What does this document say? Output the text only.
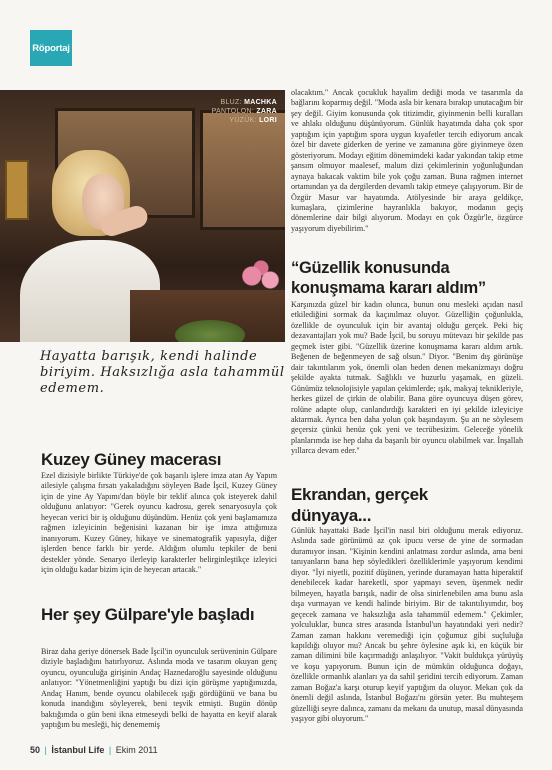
Röportaj
BLUZ: MACHKA
PANTOLON: ZARA
YÜZÜK: LORI
Hayatta barışık, kendi halinde biriyim. Haksızlığa asla tahammül edemem.
Kuzey Güney macerası

Ezel dizisiyle birlikte Türkiye'de çok başarılı işlere imza atan Ay Yapım ailesiyle çalışma fırsatı yakaladığını söyleyen Bade İşcil, Kuzey Güney için de yine Ay Yapımı'dan böyle bir teklif alınca çok isteyerek dahil olduğunu anlatıyor: "Gerek oyuncu kadrosu, gerek senaryosuyla çok heyecan verici bir iş olduğunu düşündüm. Henüz çok yeni başlamamıza rağmen izleyicinin beğenisini kazanan bir işe imza attığımıza inanıyorum. Kuzey Güney, hikaye ve sinematografik yapısıyla, diğer işlerden bence farklı bir yerde. Aldığım olumlu tepkiler de beni destekler yönde. Senaryo ilerleyip karakterler belirginleştikçe izleyici için olduğu kadar bizim için de heyecan artacak."

Her şey Gülpare'yle başladı

Biraz daha geriye dönersek Bade İşcil'in oyunculuk serüveninin Gülpare diziyle başladığını hatırlıyoruz. Aslında moda ve tasarım okuyan genç oyuncu, oyunculuğa girişinin Andaç Haznedaroğlu sayesinde olduğunu anlatıyor: "Yönetmenliğini yaptığı bu dizi için görüşme yaptığımızda, Andaç Hanım, bende oyuncu olabilecek ışığı gördüğünü ve bana bu konuda inandığını söyleyerek, beni teşvik etmişti. Bugün dönüp baktığımda o gün beni ikna etmeseydi belki de hayatta en keyif alarak yaptığım bu mesleği, hiç denememiş

olacaktım." Ancak çocukluk hayalim dediği moda ve tasarımla da bağlarını koparmış değil. "Moda asla bir kenara bırakıp unutacağım bir şey değil. Giyim konusunda çok titizimdir, giyinmenin belli kuralları ve ahlakı olduğunu düşünüyorum. Günlük hayatımda daha çok spor yaptığım için yaptığım spora uygun kıyafetler tercih ediyorum ancak özel bir davete giderken de yerine ve zamanına göre giyinmeye özen gösteriyorum. Modayı eğitim dönemimdeki kadar yakından takip etme şansım olmuyor maalesef, malum dizi çekimlerinin yoğunluğundan aynaya bakacak vaktim bile yok çoğu zaman. Buna rağmen internet ortamından ya da dergilerden devamlı takip etmeye çalışıyorum. Bir de Özgür Masur var hayatımda. Atölyesinde bir araya geldikçe, kumaşlara, çizimlerine hayranlıkla bakıyor, modanın geçiş dönemlerine dair bilgi alıyorum. Modayı en çok Özgür'le, özgürce yaşıyorum diyebilirim."

“Güzellik konusunda konuşmama kararı aldım”

Karşınızda güzel bir kadın olunca, bunun onu mesleki açıdan nasıl etkilediğini sormak da kaçınılmaz oluyor. Güzelliğin çoğunlukla, özellikle de oyunculuk için bir avantaj olduğu gerçek. Peki hiç dezavantajları yok mu? Bade İşcil, bu soruyu mütevazı bir şekilde pas geçmek ister gibi. "Güzellik üzerine konuşmama kararı aldım artık. Beğenen de beğenmeyen de sağ olsun." Diyor. "Benim dış görünüşe dair takıntılarım yok, önemli olan beden denen mekanizmayı doğru şekilde ayakta tutmak. Sağlıklı ve huzurlu yaşamak, en güzeli. Günümüz teknolojisiyle yapılan çekimlerde; ışık, makyaj teknikleriyle, herkes güzel de çirkin de olabilir. Bana göre oyuncuya düşen görev, rolüne adapte olup, canlandırdığı karakteri en iyi şekilde izleyiciye aktarmak. Ayrıca ben daha yolun çok başındayım. Şu an ne söylesem geçersiz çünkü henüz çok yeni ve tecrübesizim. Geleceğe yönelik planlarımda ise hep daha da başarılı bir oyuncu olabilmek var. İnşallah yıllarca devam eder."

Ekrandan, gerçek dünyaya...

Günlük hayattaki Bade İşcil'in nasıl biri olduğunu merak ediyoruz. Aslında sade görünümü az çok ipucu verse de yine de sormadan duramıyor insan. "Kişinin kendini anlatması zordur aslında, ama beni tanıyanların bana hep söyledikleri özelliklerimle yaşıyorum kendimi diyor. "İyi niyetli, pozitif düşünen, yerinde duramayan hatta hiperaktif denebilecek kadar hareketli, spor yapmayı seven, üşenmek nedir bilmeyen, hayatla barışık, nadir de olsa sinirlenebilen ama bunu asla dışa vurmayan ve kendi halinde biriyim. Bir de takıntılıyımdır, boş geçecek zamana ve haksızlığa asla tahammül edemem." Çekimler, yolculuklar, bunca stres arasında İstanbul'un hayatındaki yeri nedir? Zaman zaman hakkını veremediği için çoğumuz gibi suçluluğa kapıldığı oluyor mu? Ancak bu şehre öylesine aşık ki, en küçük bir zaman dilimini bile kaçırmadığı anlaşılıyor. "Vakit buldukça yürüyüş ve koşu yapıyorum. Bunun için de mümkün olduğunca doğayı, özellikle ormanlık alanları ya da sahil şeridini tercih ediyorum. Zaman zaman Boğaz'a karşı oturup keyif yaptığım da oluyor. Mekan çok da önemli değil aslında, İstanbul Boğazı'nı görsün yeter. Bu muhteşem güzelliği seyre dalınca, zamanı da mekanı da unutup, masal dünyasında yaşıyor gibi oluyorum."

50 | İstanbul Life | Ekim 2011
